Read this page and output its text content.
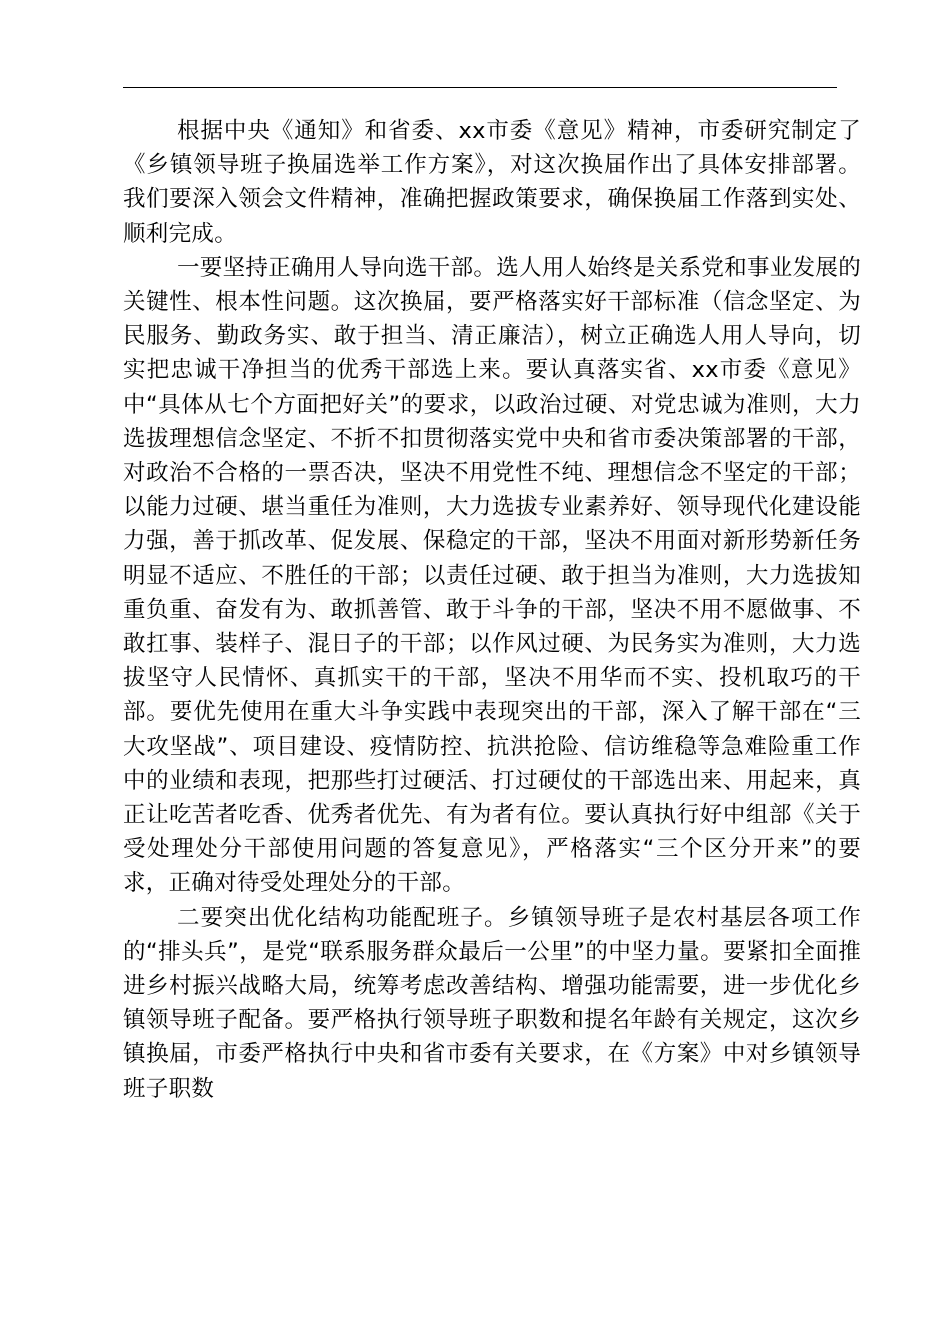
根据中央《通知》和省委、xx市委《意见》精神，市委研究制定了《乡镇领导班子换届选举工作方案》，对这次换届作出了具体安排部署。我们要深入领会文件精神，准确把握政策要求，确保换届工作落到实处、顺利完成。

一要坚持正确用人导向选干部。选人用人始终是关系党和事业发展的关键性、根本性问题。这次换届，要严格落实好干部标准（信念坚定、为民服务、勤政务实、敢于担当、清正廉洁），树立正确选人用人导向，切实把忠诚干净担当的优秀干部选上来。要认真落实省、xx市委《意见》中“具体从七个方面把好关”的要求，以政治过硬、对党忠诚为准则，大力选拔理想信念坚定、不折不扣贯彻落实党中央和省市委决策部署的干部，对政治不合格的一票否决，坚决不用党性不纯、理想信念不坚定的干部；以能力过硬、堪当重任为准则，大力选拔专业素养好、领导现代化建设能力强，善于抓改革、促发展、保稳定的干部，坚决不用面对新形势新任务明显不适应、不胜任的干部；以责任过硬、敢于担当为准则，大力选拔知重负重、奋发有为、敢抓善管、敢于斗争的干部，坚决不用不愿做事、不敢扛事、装样子、混日子的干部；以作风过硬、为民务实为准则，大力选拔坚守人民情怀、真抓实干的干部，坚决不用华而不实、投机取巧的干部。要优先使用在重大斗争实践中表现突出的干部，深入了解干部在“三大攻坚战”、项目建设、疫情防控、抗洪抢险、信访维稳等急难险重工作中的业绩和表现，把那些打过硬活、打过硬仗的干部选出来、用起来，真正让吃苦者吃香、优秀者优先、有为者有位。要认真执行好中组部《关于受处理处分干部使用问题的答复意见》，严格落实“三个区分开来”的要求，正确对待受处理处分的干部。

二要突出优化结构功能配班子。乡镇领导班子是农村基层各项工作的“排头兵”，是党“联系服务群众最后一公里”的中坚力量。要紧扣全面推进乡村振兴战略大局，统筹考虑改善结构、增强功能需要，进一步优化乡镇领导班子配备。要严格执行领导班子职数和提名年龄有关规定，这次乡镇换届，市委严格执行中央和省市委有关要求，在《方案》中对乡镇领导班子职数
